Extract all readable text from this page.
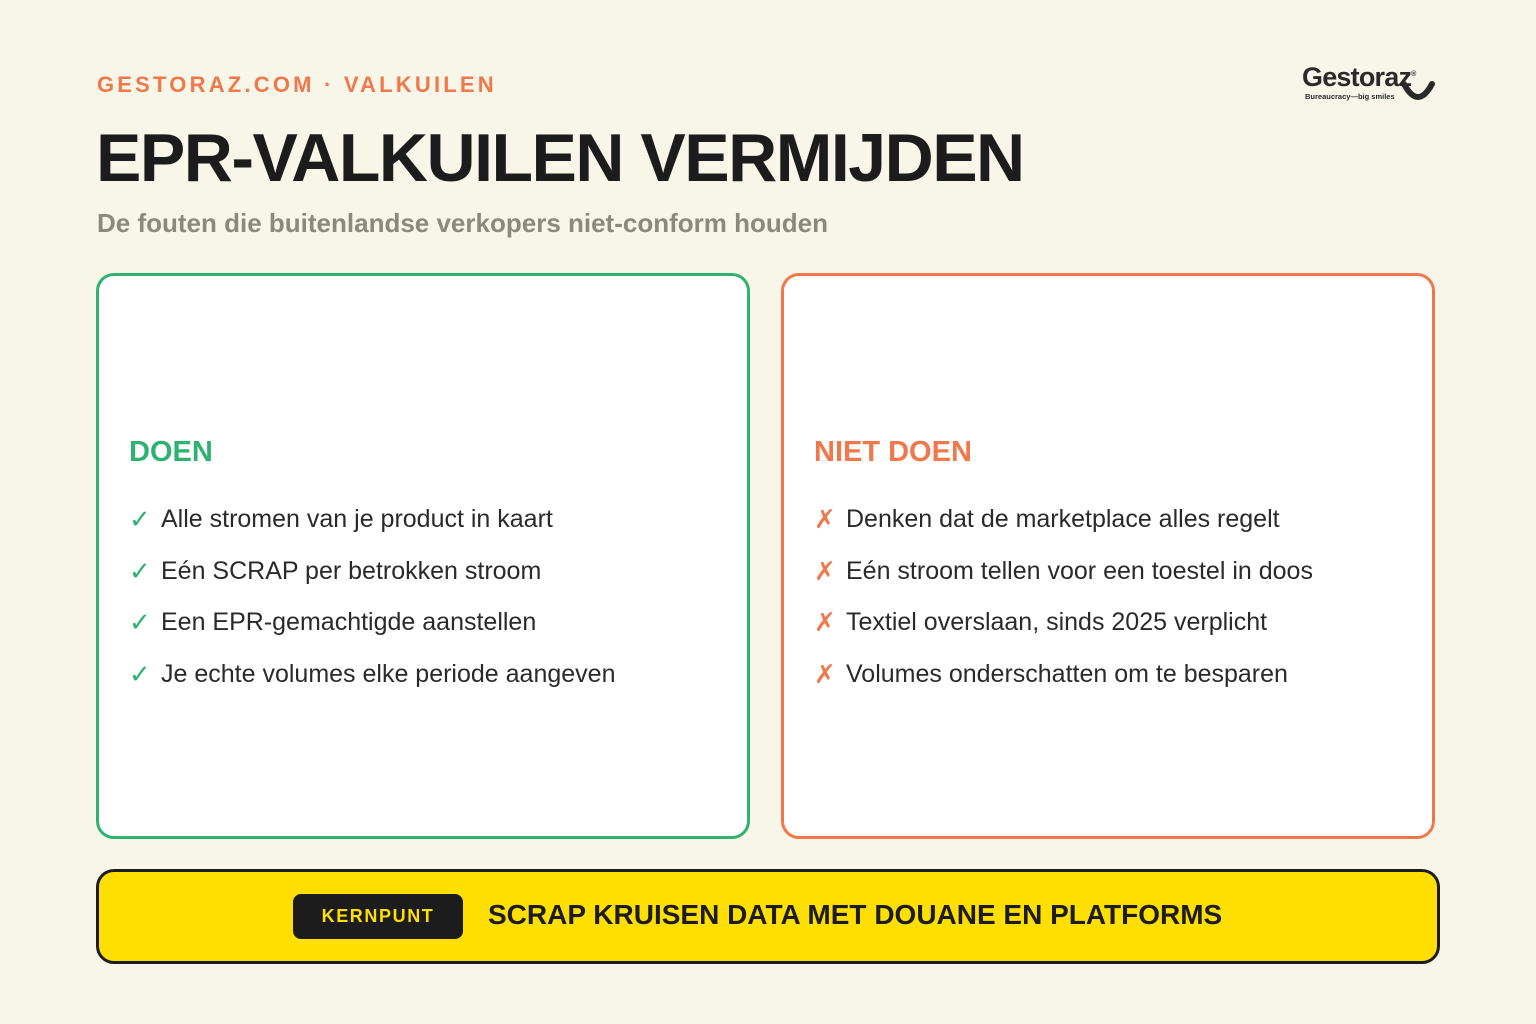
GESTORAZ.COM · VALKUILEN
EPR-VALKUILEN VERMIJDEN
De fouten die buitenlandse verkopers niet-conform houden
Gestoraz®
Bureaucracy—big smiles
DOEN
✓ Alle stromen van je product in kaart
✓ Eén SCRAP per betrokken stroom
✓ Een EPR-gemachtigde aanstellen
✓ Je echte volumes elke periode aangeven
NIET DOEN
✗ Denken dat de marketplace alles regelt
✗ Eén stroom tellen voor een toestel in doos
✗ Textiel overslaan, sinds 2025 verplicht
✗ Volumes onderschatten om te besparen
KERNPUNT	SCRAP KRUISEN DATA MET DOUANE EN PLATFORMS
